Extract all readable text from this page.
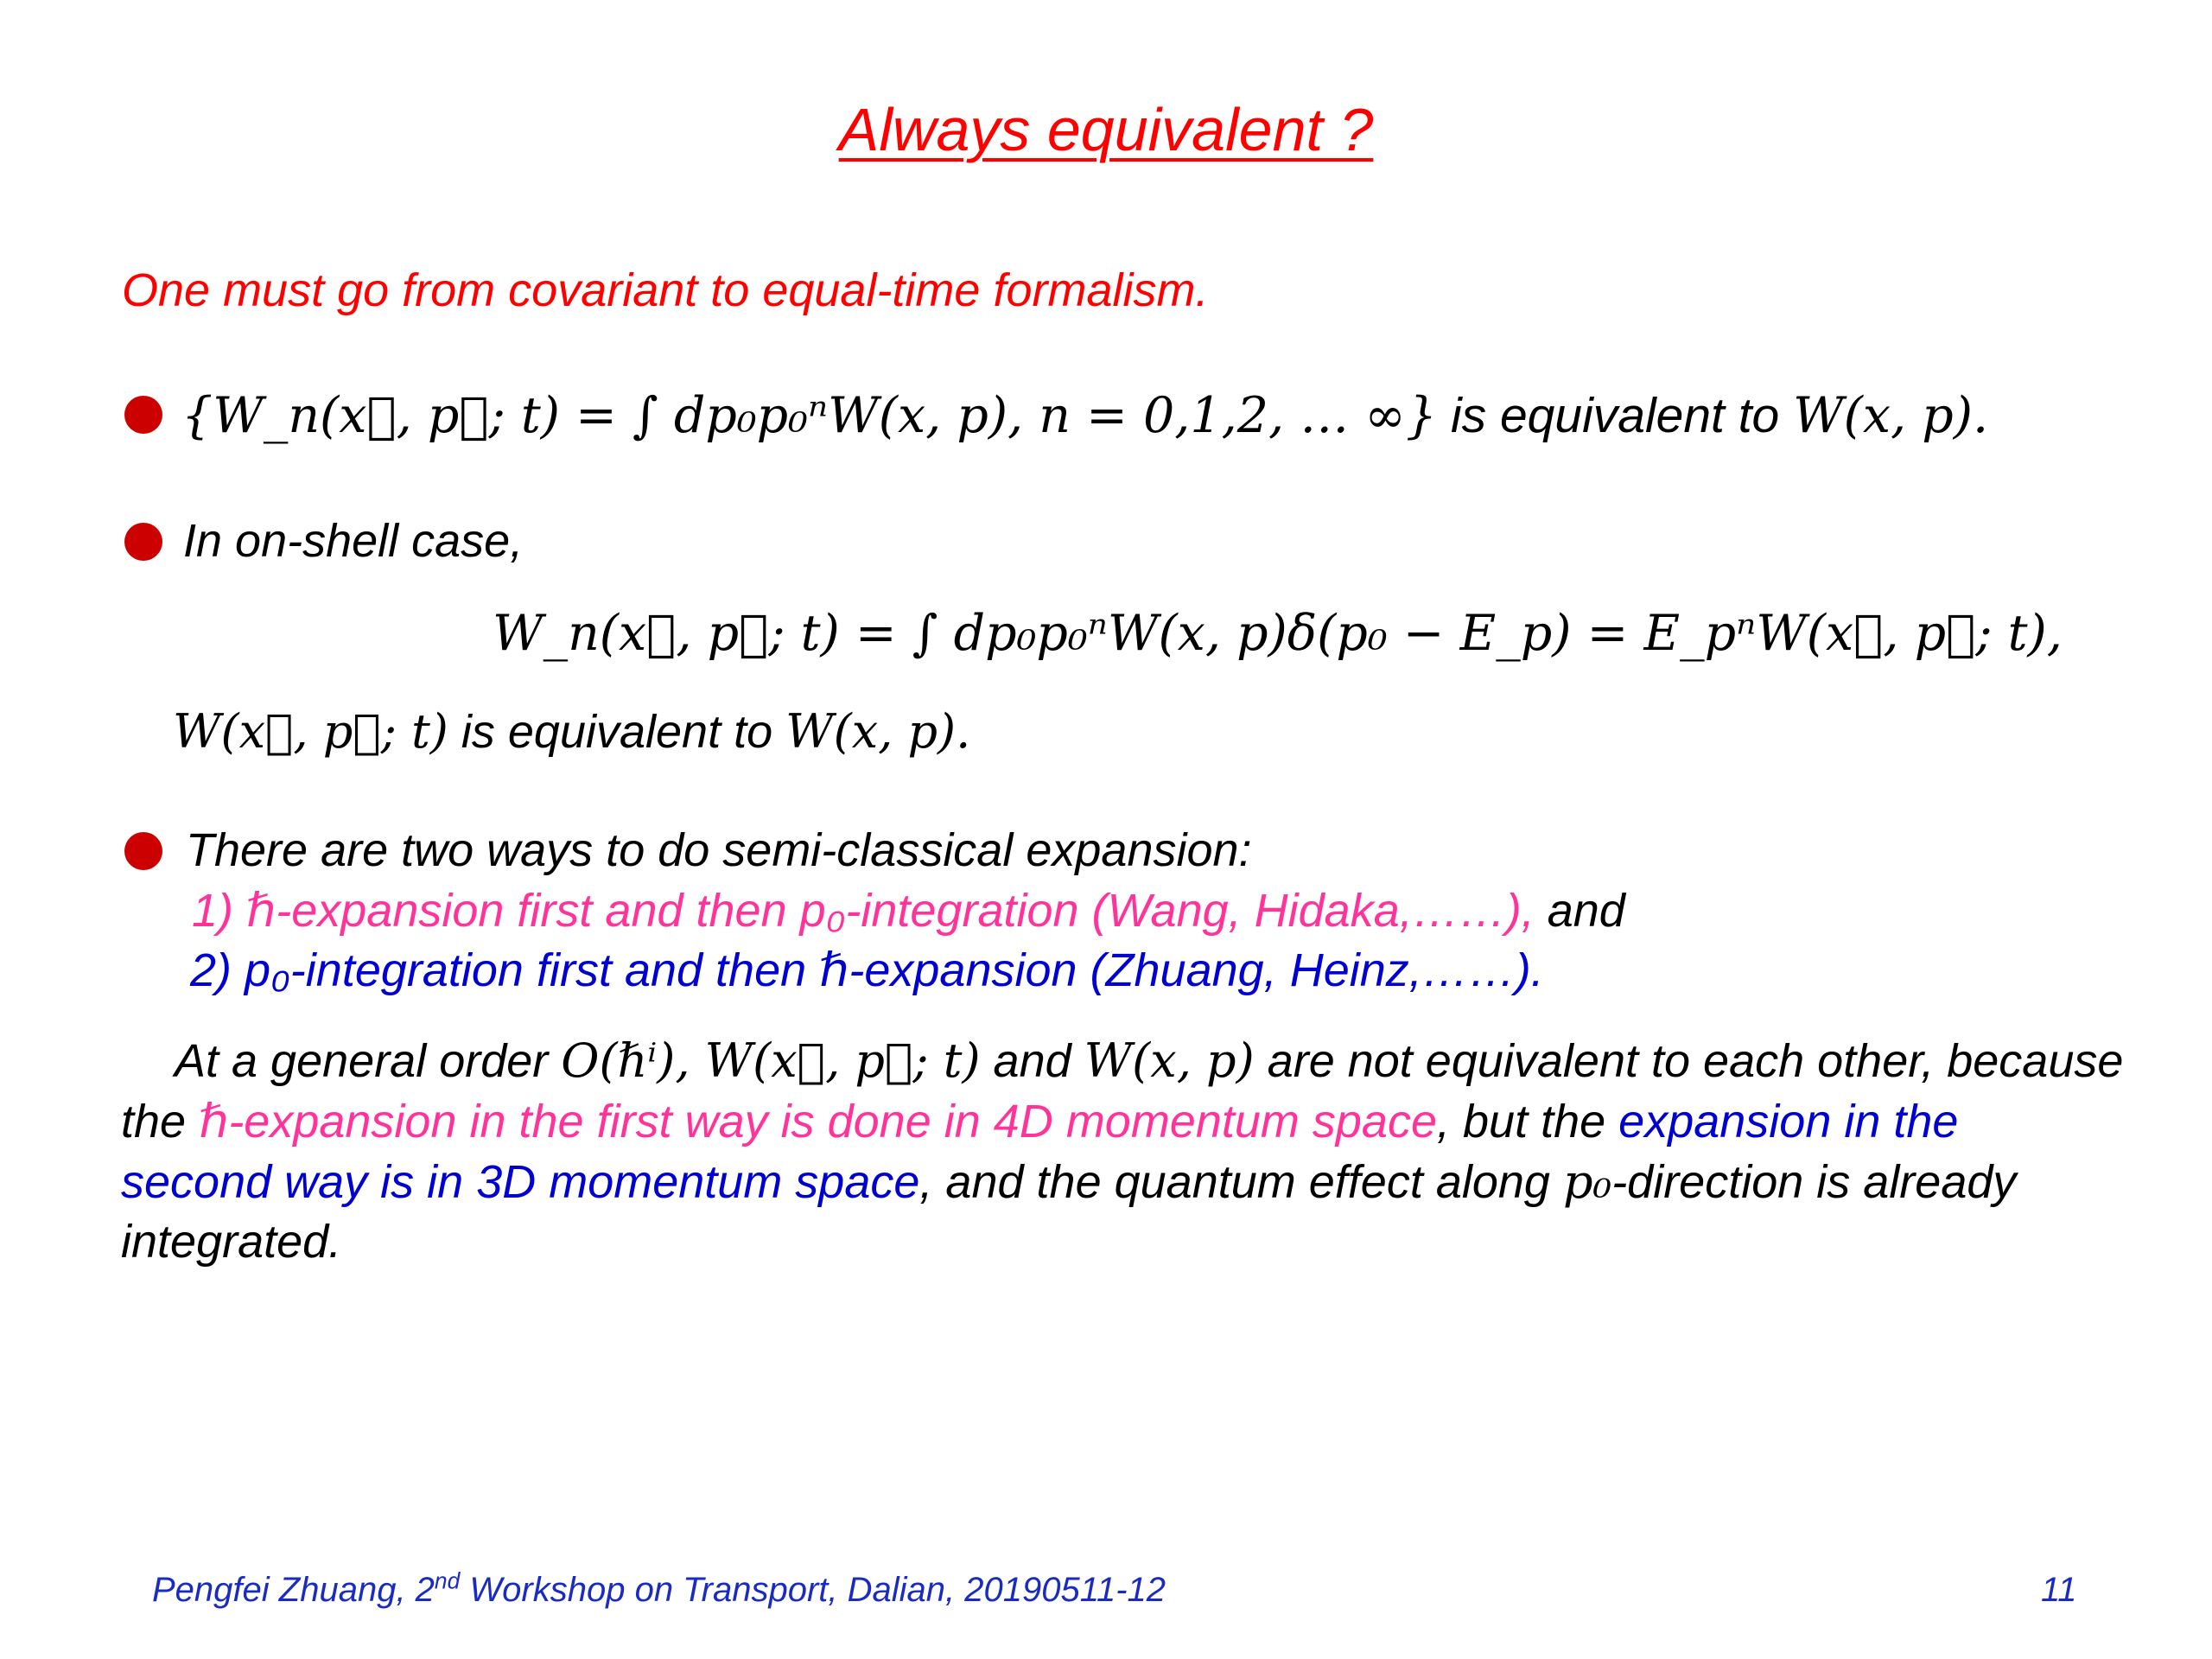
Always equivalent ?
One must go from covariant to equal-time formalism.
{W_n(x⃗, p⃗; t) = ∫ dp₀p₀ⁿW(x, p), n = 0,1,2, … ∞} is equivalent to W(x, p).
In on-shell case,
W_n(x⃗, p⃗; t) = ∫ dp₀p₀ⁿW(x, p)δ(p₀ − E_p) = E_pⁿW(x⃗, p⃗; t),
W(x⃗, p⃗; t) is equivalent to W(x, p).
There are two ways to do semi-classical expansion:
1) ℏ-expansion first and then p₀-integration (Wang, Hidaka,……), and
2) p₀-integration first and then ℏ-expansion (Zhuang, Heinz,……).
At a general order O(ℏⁱ), W(x⃗, p⃗; t) and W(x, p) are not equivalent to each other, because
the ℏ-expansion in the first way is done in 4D momentum space, but the expansion in the
second way is in 3D momentum space, and the quantum effect along p₀-direction is already
integrated.
Pengfei Zhuang, 2nd Workshop on Transport, Dalian, 20190511-12	11
